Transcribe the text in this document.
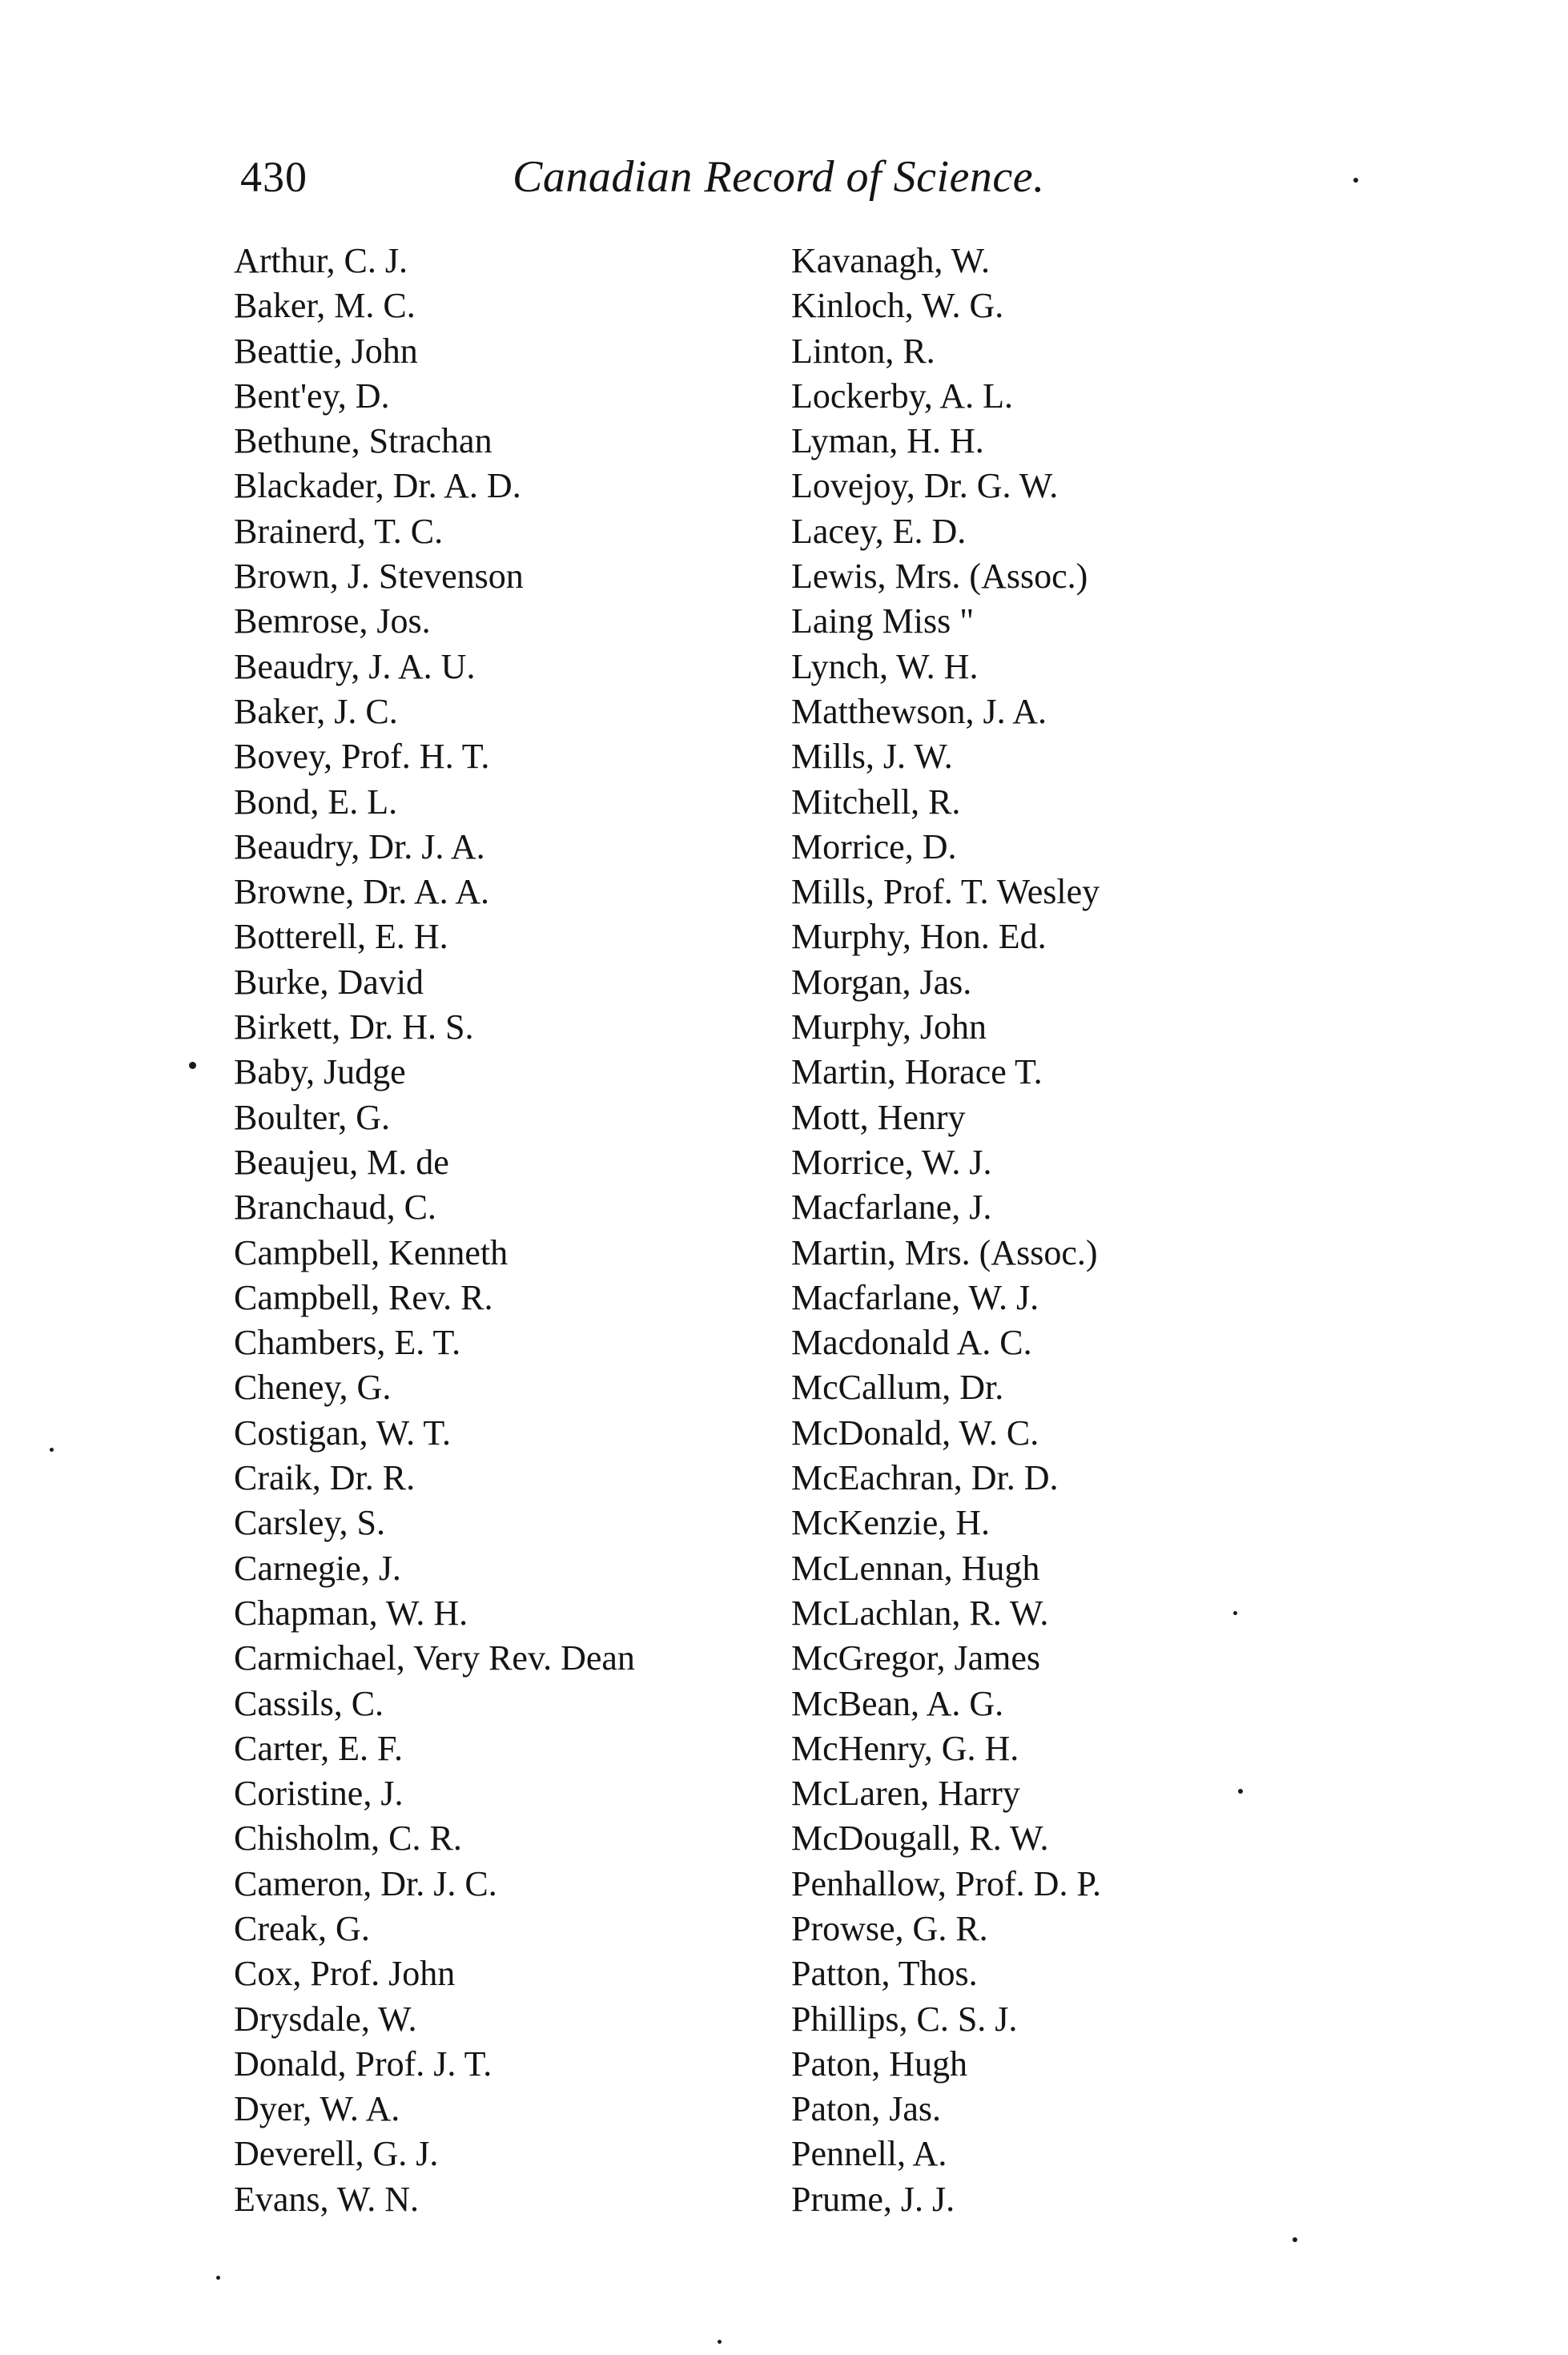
430	Canadian Record of Science.
Arthur, C. J.
Baker, M. C.
Beattie, John
Bent'ey, D.
Bethune, Strachan
Blackader, Dr. A. D.
Brainerd, T. C.
Brown, J. Stevenson
Bemrose, Jos.
Beaudry, J. A. U.
Baker, J. C.
Bovey, Prof. H. T.
Bond, E. L.
Beaudry, Dr. J. A.
Browne, Dr. A. A.
Botterell, E. H.
Burke, David
Birkett, Dr. H. S.
Baby, Judge
Boulter, G.
Beaujeu, M. de
Branchaud, C.
Campbell, Kenneth
Campbell, Rev. R.
Chambers, E. T.
Cheney, G.
Costigan, W. T.
Craik, Dr. R.
Carsley, S.
Carnegie, J.
Chapman, W. H.
Carmichael, Very Rev. Dean
Cassils, C.
Carter, E. F.
Coristine, J.
Chisholm, C. R.
Cameron, Dr. J. C.
Creak, G.
Cox, Prof. John
Drysdale, W.
Donald, Prof. J. T.
Dyer, W. A.
Deverell, G. J.
Evans, W. N.
Kavanagh, W.
Kinloch, W. G.
Linton, R.
Lockerby, A. L.
Lyman, H. H.
Lovejoy, Dr. G. W.
Lacey, E. D.
Lewis, Mrs. (Assoc.)
Laing Miss "
Lynch, W. H.
Matthewson, J. A.
Mills, J. W.
Mitchell, R.
Morrice, D.
Mills, Prof. T. Wesley
Murphy, Hon. Ed.
Morgan, Jas.
Murphy, John
Martin, Horace T.
Mott, Henry
Morrice, W. J.
Macfarlane, J.
Martin, Mrs. (Assoc.)
Macfarlane, W. J.
Macdonald A. C.
McCallum, Dr.
McDonald, W. C.
McEachran, Dr. D.
McKenzie, H.
McLennan, Hugh
McLachlan, R. W.
McGregor, James
McBean, A. G.
McHenry, G. H.
McLaren, Harry
McDougall, R. W.
Penhallow, Prof. D. P.
Prowse, G. R.
Patton, Thos.
Phillips, C. S. J.
Paton, Hugh
Paton, Jas.
Pennell, A.
Prume, J. J.
